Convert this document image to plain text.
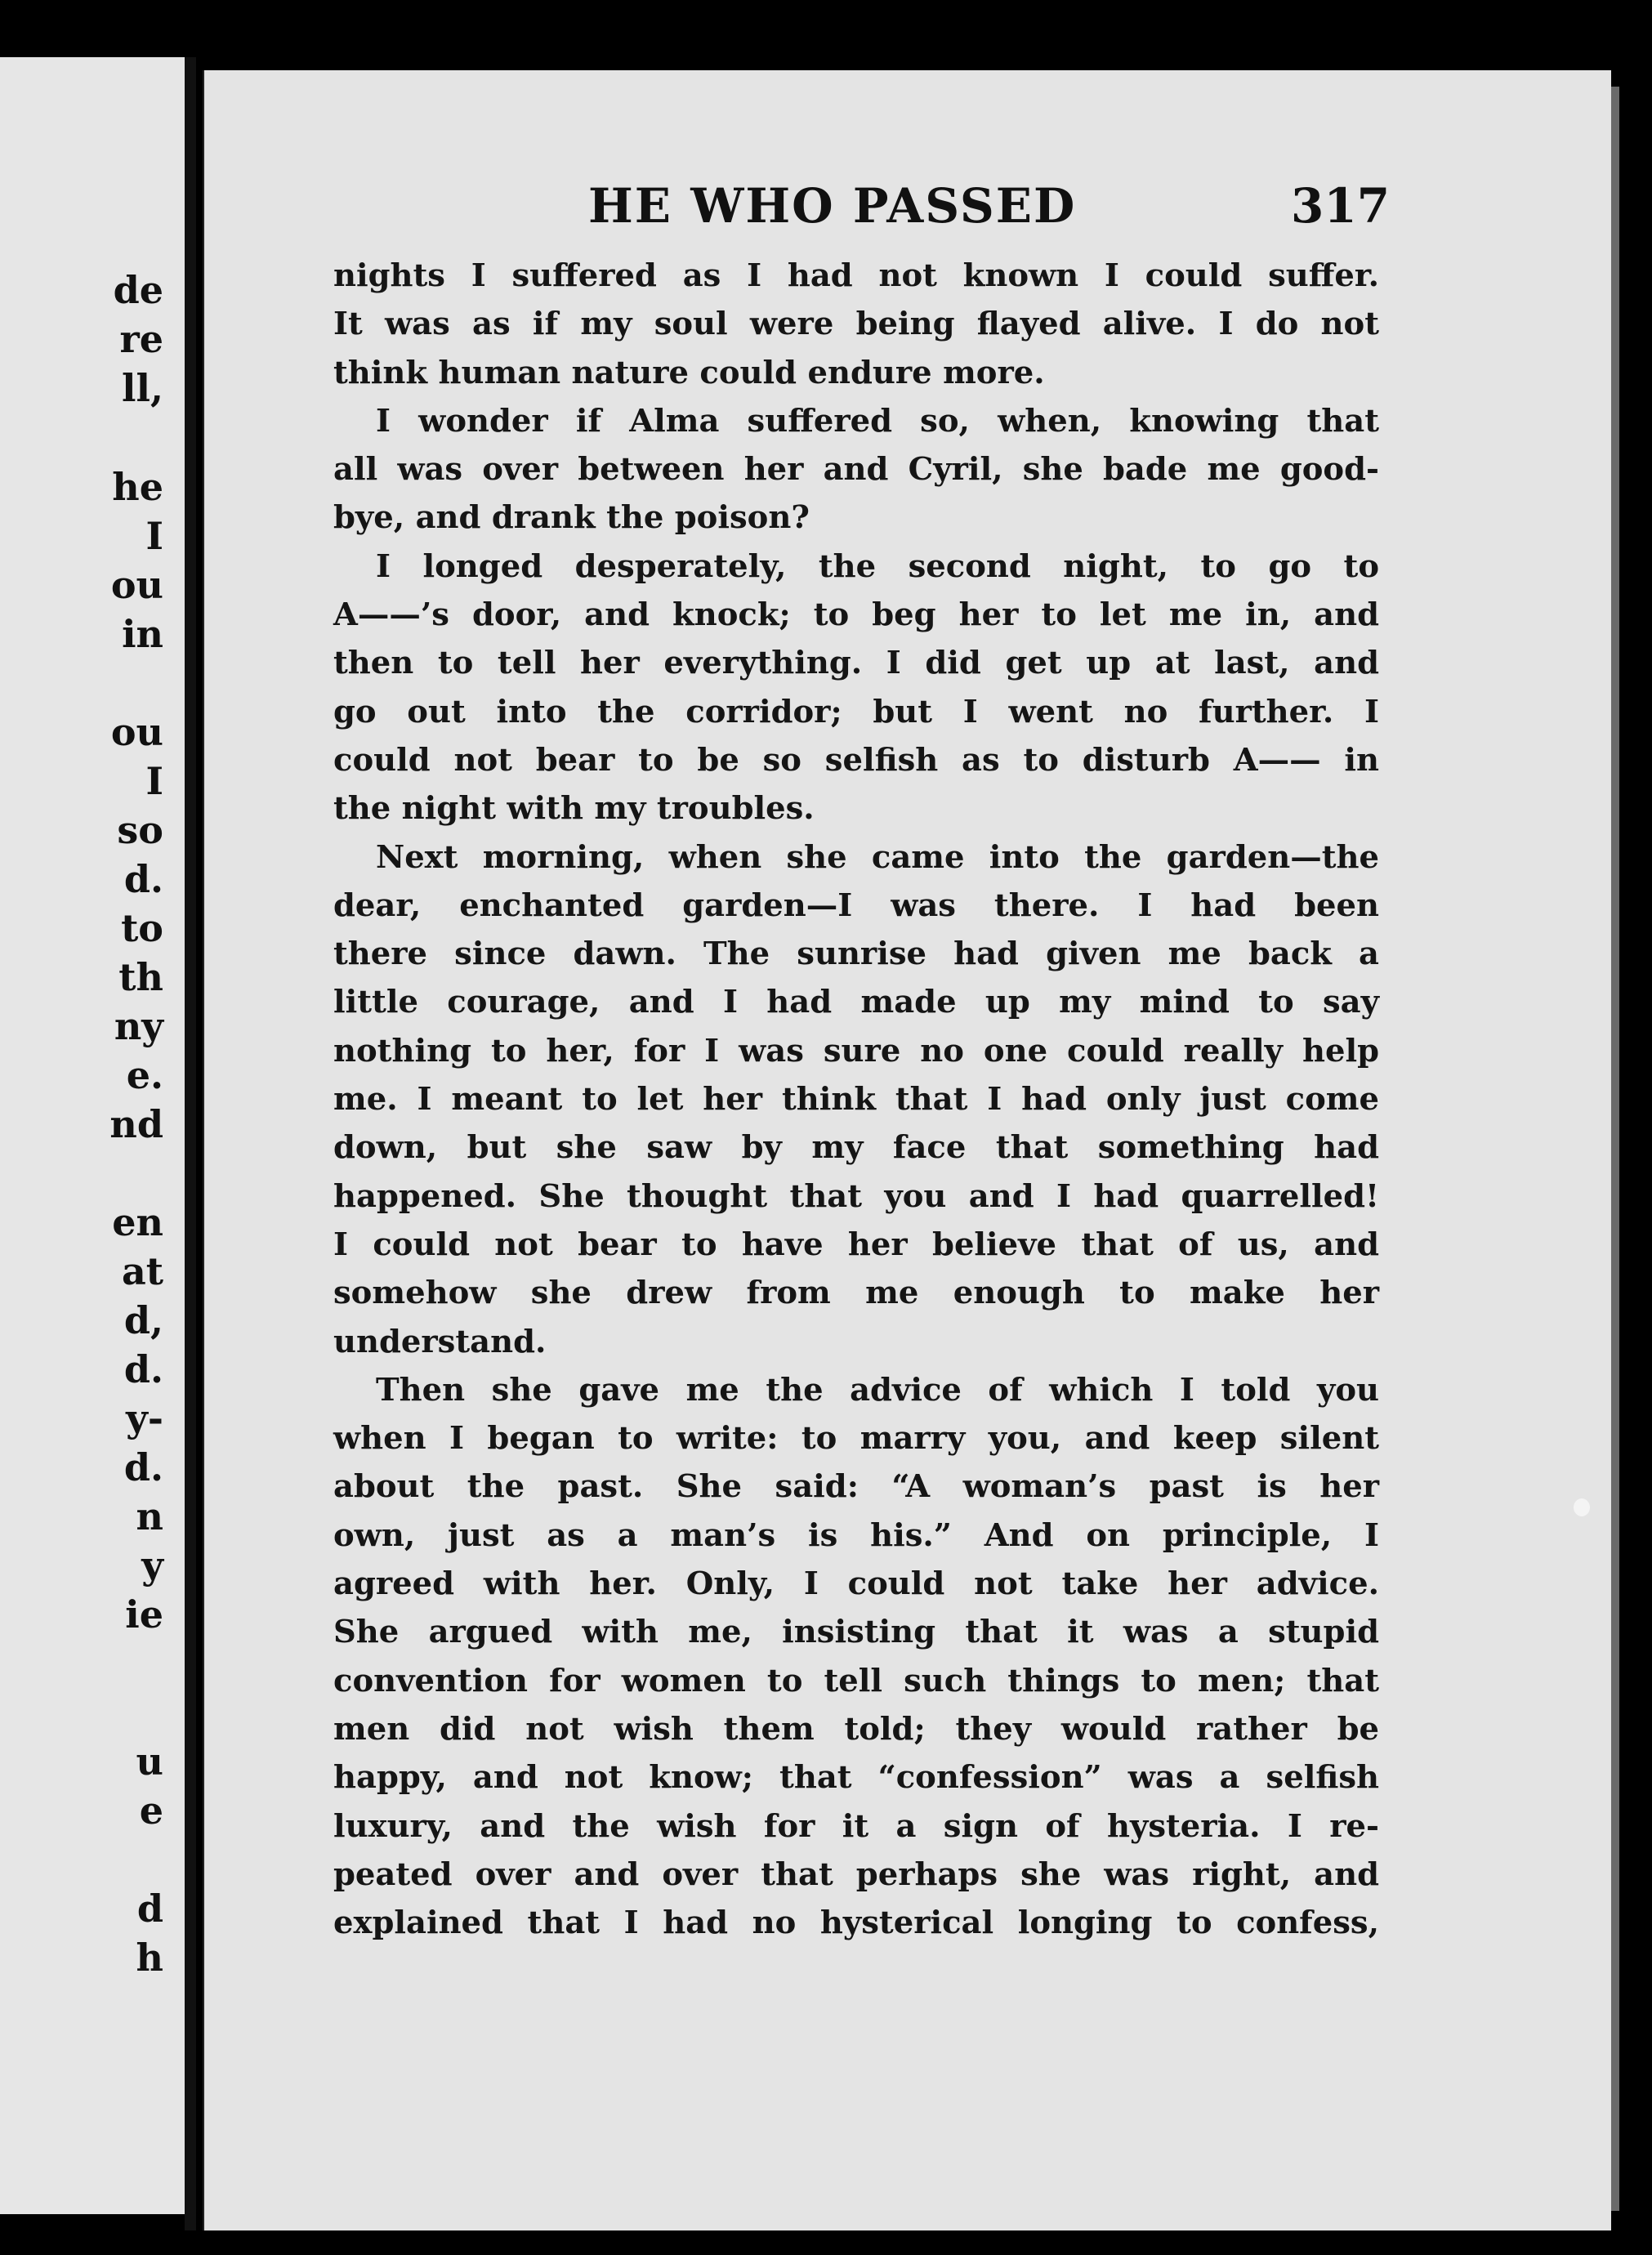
de
re
ll,
he
I
ou
in
ou
I
so
d.
to
th
ny
e.
nd
en
at
d,
d.
y-
d.
n
y
ie
u
e
d
h
HE WHO PASSED	317
nights I suffered as I had not known I could suffer.
It was as if my soul were being flayed alive. I do not
think human nature could endure more.
I wonder if Alma suffered so, when, knowing that
all was over between her and Cyril, she bade me good-
bye, and drank the poison?
I longed desperately, the second night, to go to
A——’s door, and knock; to beg her to let me in, and
then to tell her everything. I did get up at last, and
go out into the corridor; but I went no further. I
could not bear to be so selfish as to disturb A—— in
the night with my troubles.
Next morning, when she came into the garden—the
dear, enchanted garden—I was there. I had been
there since dawn. The sunrise had given me back a
little courage, and I had made up my mind to say
nothing to her, for I was sure no one could really help
me. I meant to let her think that I had only just come
down, but she saw by my face that something had
happened. She thought that you and I had quarrelled!
I could not bear to have her believe that of us, and
somehow she drew from me enough to make her
understand.
Then she gave me the advice of which I told you
when I began to write: to marry you, and keep silent
about the past. She said: “A woman’s past is her
own, just as a man’s is his.” And on principle, I
agreed with her. Only, I could not take her advice.
She argued with me, insisting that it was a stupid
convention for women to tell such things to men; that
men did not wish them told; they would rather be
happy, and not know; that “confession” was a selfish
luxury, and the wish for it a sign of hysteria. I re-
peated over and over that perhaps she was right, and
explained that I had no hysterical longing to confess,
